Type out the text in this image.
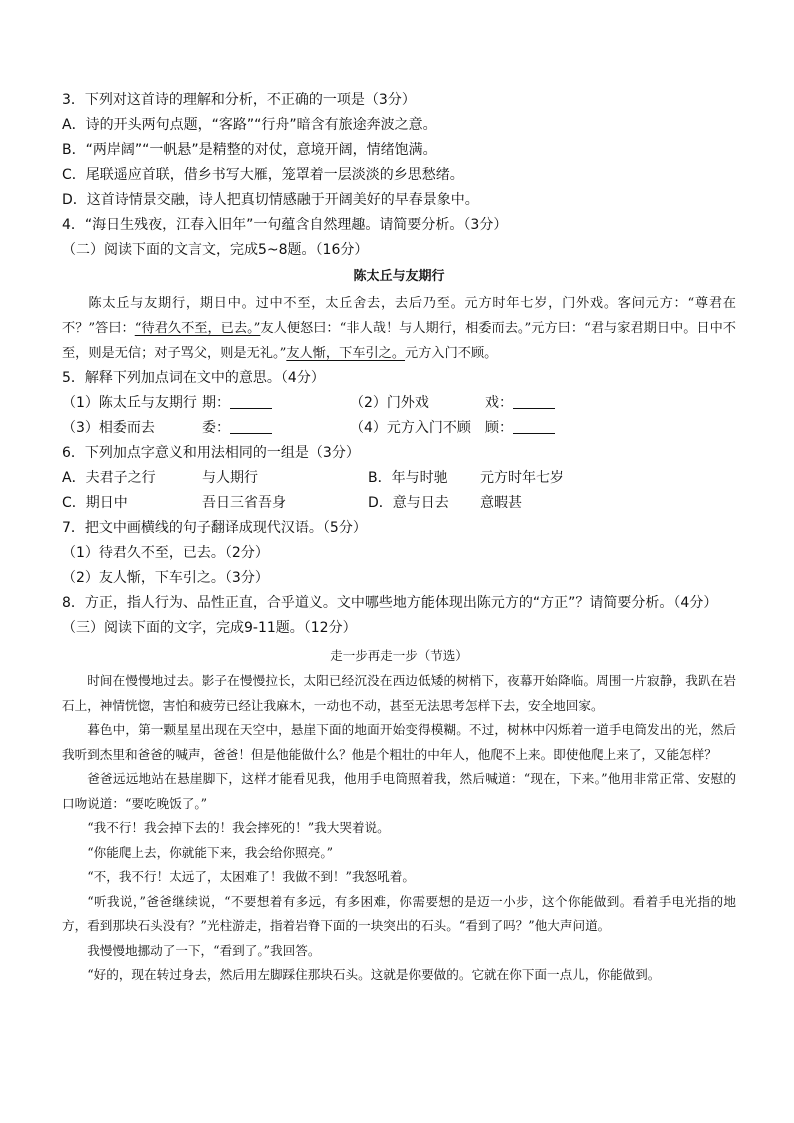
3．下列对这首诗的理解和分析，不正确的一项是（3分）
A．诗的开头两句点题，“客路”“行舟”暗含有旅途奔波之意。
B．“两岸阔”“一帆悬”是精整的对仗，意境开阔，情绪饱满。
C．尾联遥应首联，借乡书写大雁，笼罩着一层淡淡的乡思愁绪。
D．这首诗情景交融，诗人把真切情感融于开阔美好的早春景象中。
4．“海日生残夜，江春入旧年”一句蕴含自然理趣。请简要分析。（3分）
（二）阅读下面的文言文，完成5~8题。（16分）
陈太丘与友期行

陈太丘与友期行，期日中。过中不至，太丘舍去，去后乃至。元方时年七岁，门外戏。客问元方：“尊君在不？”答曰：“待君久不至，已去。”友人便怒曰：“非人哉！与人期行，相委而去。”元方曰：“君与家君期日中。日中不至，则是无信；对子骂父，则是无礼。”友人惭，下车引之。元方入门不顾。

5．解释下列加点词在文中的意思。（4分）
（1）陈太丘与友期行 期：	（2）门外戏	戏：
（3）相委而去	委：	（4）元方入门不顾	顾：
6．下列加点字意义和用法相同的一组是（3分）
A．夫君子之行	与人期行	B．年与时驰	元方时年七岁
C．期日中	吾日三省吾身	D．意与日去	意暇甚
7．把文中画横线的句子翻译成现代汉语。（5分）
（1）待君久不至，已去。（2分）
（2）友人惭，下车引之。（3分）
8．方正，指人行为、品性正直，合乎道义。文中哪些地方能体现出陈元方的“方正”？请简要分析。（4分）
（三）阅读下面的文字，完成9-11题。（12分）
走一步再走一步（节选）

时间在慢慢地过去。影子在慢慢拉长，太阳已经沉没在西边低矮的树梢下，夜幕开始降临。周围一片寂静，我趴在岩石上，神情恍惚，害怕和疲劳已经让我麻木，一动也不动，甚至无法思考怎样下去，安全地回家。

暮色中，第一颗星星出现在天空中，悬崖下面的地面开始变得模糊。不过，树林中闪烁着一道手电筒发出的光，然后我听到杰里和爸爸的喊声，爸爸！但是他能做什么？他是个粗壮的中年人，他爬不上来。即使他爬上来了，又能怎样？

爸爸远远地站在悬崖脚下，这样才能看见我，他用手电筒照着我，然后喊道：“现在，下来。”他用非常正常、安慰的口吻说道：“要吃晚饭了。”

“我不行！我会掉下去的！我会摔死的！”我大哭着说。

“你能爬上去，你就能下来，我会给你照亮。”

“不，我不行！太远了，太困难了！我做不到！”我怒吼着。

“听我说，”爸爸继续说，“不要想着有多远，有多困难，你需要想的是迈一小步，这个你能做到。看着手电光指的地方，看到那块石头没有？”光柱游走，指着岩脊下面的一块突出的石头。“看到了吗？”他大声问道。

我慢慢地挪动了一下，“看到了。”我回答。

“好的，现在转过身去，然后用左脚踩住那块石头。这就是你要做的。它就在你下面一点儿，你能做到。
